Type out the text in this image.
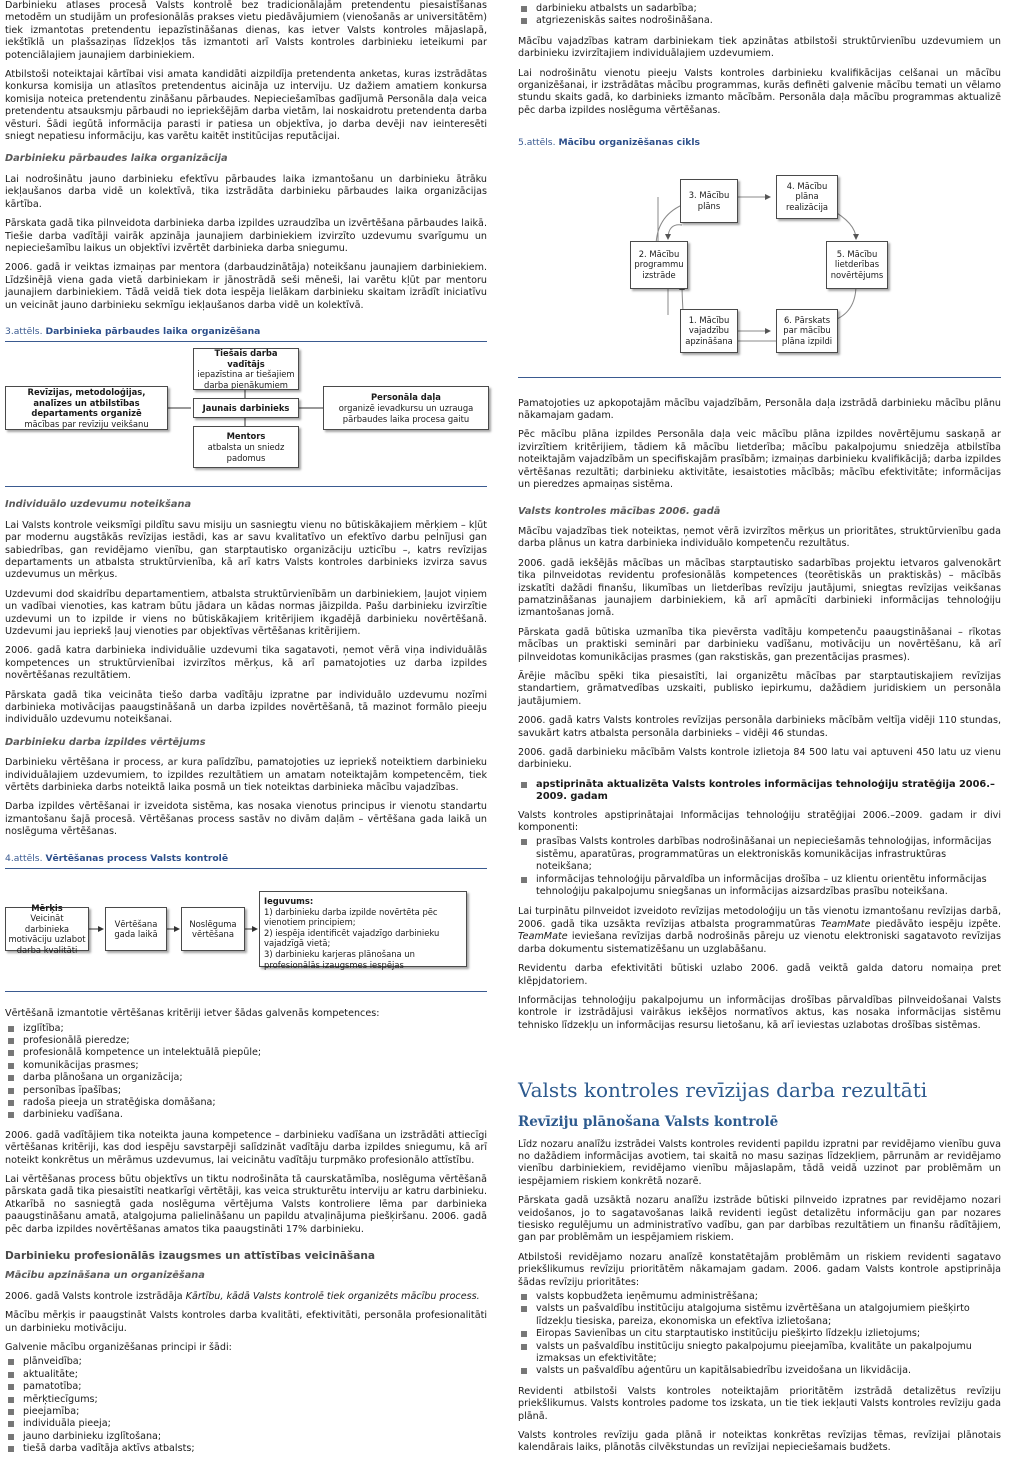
Darbinieku atlases procesā Valsts kontrolē bez tradicionālajām pretendentu piesaistīšanas metodēm un studijām un profesionālās prakses vietu piedāvājumiem (vienošanās ar universitātēm) tiek izmantotas pretendentu iepazīstināšanas dienas, kas ietver Valsts kontroles mājaslapā, iekštīklā un plašsaziņas līdzekļos tās izmantoti arī Valsts kontroles darbinieku ieteikumi par potenciālajiem jaunajiem darbiniekiem.

Atbilstoši noteiktajai kārtībai visi amata kandidāti aizpildīja pretendenta anketas, kuras izstrādātas konkursa komisija un atlasītos pretendentus aicināja uz interviju. Uz dažiem amatiem konkursa komisija noteica pretendentu zināšanu pārbaudes. Nepieciešamības gadījumā Personāla daļa veica pretendentu atsauksmju pārbaudi no iepriekšējām darba vietām, lai noskaidrotu pretendenta darba vēsturi. Šādi iegūtā informācija parasti ir patiesa un objektīva, jo darba devēji nav ieinteresēti sniegt nepatiesu informāciju, kas varētu kaitēt institūcijas reputācijai.

Darbinieku pārbaudes laika organizācija

Lai nodrošinātu jauno darbinieku efektīvu pārbaudes laika izmantošanu un darbinieku ātrāku iekļaušanos darba vidē un kolektīvā, tika izstrādāta darbinieku pārbaudes laika organizācijas kārtība.

Pārskata gadā tika pilnveidota darbinieka darba izpildes uzraudzība un izvērtēšana pārbaudes laikā. Tiešie darba vadītāji vairāk apzināja jaunajiem darbiniekiem izvirzīto uzdevumu svarīgumu un nepieciešamību laikus un objektīvi izvērtēt darbinieka darba sniegumu.

2006. gadā ir veiktas izmaiņas par mentora (darbaudzinātāja) noteikšanu jaunajiem darbiniekiem. Līdzšinējā viena gada vietā darbiniekam ir jānostrādā seši mēneši, lai varētu kļūt par mentoru jaunajiem darbiniekiem. Tādā veidā tiek dota iespēja lielākam darbinieku skaitam izrādīt iniciatīvu un veicināt jauno darbinieku sekmīgu iekļaušanos darba vidē un kolektīvā.

3.attēls. Darbinieka pārbaudes laika organizēšana
Tiešais darba vadītājs
iepazīstina ar tiešajiem darba pienākumiem
Revīzijas, metodoloģijas, analīzes un atbilstības departaments organizē
mācības par revīziju veikšanu
Jaunais darbinieks
Personāla daļa
organizē ievadkursu un uzrauga pārbaudes laika procesa gaitu
Mentors
atbalsta un sniedz padomus
Individuālo uzdevumu noteikšana

Lai Valsts kontrole veiksmīgi pildītu savu misiju un sasniegtu vienu no būtiskākajiem mērķiem – kļūt par modernu augstākās revīzijas iestādi, kas ar savu kvalitatīvo un efektīvo darbu pelnījusi gan sabiedrības, gan revidējamo vienību, gan starptautisko organizāciju uzticību –, katrs revīzijas departaments un atbalsta struktūrvienība, kā arī katrs Valsts kontroles darbinieks izvirza savus uzdevumus un mērķus.

Uzdevumi dod skaidrību departamentiem, atbalsta struktūrvienībām un darbiniekiem, ļaujot viņiem un vadībai vienoties, kas katram būtu jādara un kādas normas jāizpilda. Pašu darbinieku izvirzītie uzdevumi un to izpilde ir viens no būtiskākajiem kritērijiem ikgadējā darbinieku novērtēšanā. Uzdevumi jau iepriekš ļauj vienoties par objektīvas vērtēšanas kritērijiem.

2006. gadā katra darbinieka individuālie uzdevumi tika sagatavoti, ņemot vērā viņa individuālās kompetences un struktūrvienībai izvirzītos mērķus, kā arī pamatojoties uz darba izpildes novērtēšanas rezultātiem.

Pārskata gadā tika veicināta tiešo darba vadītāju izpratne par individuālo uzdevumu nozīmi darbinieka motivācijas paaugstināšanā un darba izpildes novērtēšanā, tā mazinot formālo pieeju individuālo uzdevumu noteikšanai.

Darbinieku darba izpildes vērtējums

Darbinieku vērtēšana ir process, ar kura palīdzību, pamatojoties uz iepriekš noteiktiem darbinieku individuālajiem uzdevumiem, to izpildes rezultātiem un amatam noteiktajām kompetencēm, tiek vērtēts darbinieka darbs noteiktā laika posmā un tiek noteiktas darbinieka mācību vajadzības.

Darba izpildes vērtēšanai ir izveidota sistēma, kas nosaka vienotus principus ir vienotu standartu izmantošanu šajā procesā. Vērtēšanas process sastāv no divām daļām – vērtēšana gada laikā un noslēguma vērtēšanas.

4.attēls. Vērtēšanas process Valsts kontrolē
Mērķis
Veicināt darbinieka motivāciju uzlabot darba kvalitāti
Vērtēšana gada laikā
Noslēguma vērtēšana
Ieguvums:
1) darbinieku darba izpilde novērtēta pēc vienotiem principiem;
2) iespēja identificēt vajadzīgo darbinieku vajadzīgā vietā;
3) darbinieku karjeras plānošana un profesionālās izaugsmes iespējas

Vērtēšanā izmantotie vērtēšanas kritēriji ietver šādas galvenās kompetences:

izglītība;
profesionālā pieredze;
profesionālā kompetence un intelektuālā piepūle;
komunikācijas prasmes;
darba plānošana un organizācija;
personības īpašības;
radoša pieeja un stratēģiska domāšana;
darbinieku vadīšana.

2006. gadā vadītājiem tika noteikta jauna kompetence – darbinieku vadīšana un izstrādāti attiecīgi vērtēšanas kritēriji, kas dod iespēju savstarpēji salīdzināt vadītāju darba izpildes sniegumu, kā arī noteikt konkrētus un mērāmus uzdevumus, lai veicinātu vadītāju turpmāko profesionālo attīstību.

Lai vērtēšanas process būtu objektīvs un tiktu nodrošināta tā caurskatāmība, noslēguma vērtēšanā pārskata gadā tika piesaistīti neatkarīgi vērtētāji, kas veica strukturētu interviju ar katru darbinieku. Atkarībā no sasniegtā gada noslēguma vērtējuma Valsts kontroliere lēma par darbinieka paaugstināšanu amatā, atalgojuma palielināšanu un papildu atvaļinājuma piešķiršanu. 2006. gadā pēc darba izpildes novērtēšanas amatos tika paaugstināti 17% darbinieku.

Darbinieku profesionālās izaugsmes un attīstības veicināšana
Mācību apzināšana un organizēšana

2006. gadā Valsts kontrole izstrādāja Kārtību, kādā Valsts kontrolē tiek organizēts mācību process.

Mācību mērķis ir paaugstināt Valsts kontroles darba kvalitāti, efektivitāti, personāla profesionalitāti un darbinieku motivāciju.

Galvenie mācību organizēšanas principi ir šādi:

plānveidība;
aktualitāte;
pamatotība;
mērķtiecīgums;
pieejamība;
individuāla pieeja;
jauno darbinieku izglītošana;
tiešā darba vadītāja aktīvs atbalsts;
darbinieku atbalsts un sadarbība;
atgriezeniskās saites nodrošināšana.

Mācību vajadzības katram darbiniekam tiek apzinātas atbilstoši struktūrvienību uzdevumiem un darbinieku izvirzītajiem individuālajiem uzdevumiem.

Lai nodrošinātu vienotu pieeju Valsts kontroles darbinieku kvalifikācijas celšanai un mācību organizēšanai, ir izstrādātas mācību programmas, kurās definēti galvenie mācību temati un vēlamo stundu skaits gadā, ko darbinieks izmanto mācībām. Personāla daļa mācību programmas aktualizē pēc darba izpildes noslēguma vērtēšanas.

5.attēls. Mācību organizēšanas cikls
3. Mācību plāns
4. Mācību plāna realizācija
2. Mācību programmu izstrāde
5. Mācību lietderības novērtējums
1. Mācību vajadzību apzināšana
6. Pārskats par mācību plāna izpildi

Pamatojoties uz apkopotajām mācību vajadzībām, Personāla daļa izstrādā darbinieku mācību plānu nākamajam gadam.

Pēc mācību plāna izpildes Personāla daļa veic mācību plāna izpildes novērtējumu saskaņā ar izvirzītiem kritērijiem, tādiem kā mācību lietderība; mācību pakalpojumu sniedzēja atbilstība noteiktajām vajadzībām un specifiskajām prasībām; izmaiņas darbinieku kvalifikācijā; darba izpildes vērtēšanas rezultāti; darbinieku aktivitāte, iesaistoties mācībās; mācību efektivitāte; informācijas un pieredzes apmaiņas sistēma.

Valsts kontroles mācības 2006. gadā

Mācību vajadzības tiek noteiktas, ņemot vērā izvirzītos mērķus un prioritātes, struktūrvienību gada darba plānus un katra darbinieka individuālo kompetenču rezultātus.

2006. gadā iekšējās mācības un mācības starptautisko sadarbības projektu ietvaros galvenokārt tika pilnveidotas revidentu profesionālās kompetences (teorētiskās un praktiskās) – mācībās izskatīti dažādi finanšu, likumības un lietderības revīziju jautājumi, sniegtas revīzijas veikšanas pamatzināšanas jaunajiem darbiniekiem, kā arī apmācīti darbinieki informācijas tehnoloģiju izmantošanas jomā.

Pārskata gadā būtiska uzmanība tika pievērsta vadītāju kompetenču paaugstināšanai – rīkotas mācības un praktiski semināri par darbinieku vadīšanu, motivāciju un novērtēšanu, kā arī pilnveidotas komunikācijas prasmes (gan rakstiskās, gan prezentācijas prasmes).

Ārējie mācību spēki tika piesaistīti, lai organizētu mācības par starptautiskajiem revīzijas standartiem, grāmatvedības uzskaiti, publisko iepirkumu, dažādiem juridiskiem un personāla jautājumiem.

2006. gadā katrs Valsts kontroles revīzijas personāla darbinieks mācībām veltīja vidēji 110 stundas, savukārt katrs atbalsta personāla darbinieks – vidēji 46 stundas.

2006. gadā darbinieku mācībām Valsts kontrole izlietoja 84 500 latu vai aptuveni 450 latu uz vienu darbinieku.

apstiprināta aktualizēta Valsts kontroles informācijas tehnoloģiju stratēģija 2006.–2009. gadam

Valsts kontroles apstiprinātajai Informācijas tehnoloģiju stratēģijai 2006.–2009. gadam ir divi komponenti:

prasības Valsts kontroles darbības nodrošināšanai un nepieciešamās tehnoloģijas, informācijas sistēmu, aparatūras, programmatūras un elektroniskās komunikācijas infrastruktūras noteikšana;
informācijas tehnoloģiju pārvaldība un informācijas drošība – uz klientu orientētu informācijas tehnoloģiju pakalpojumu sniegšanas un informācijas aizsardzības prasību noteikšana.

Lai turpinātu pilnveidot izveidoto revīzijas metodoloģiju un tās vienotu izmantošanu revīzijas darbā, 2006. gadā tika uzsākta revīzijas atbalsta programmatūras TeamMate piedāvāto iespēju izpēte. TeamMate ieviešana revīzijas darbā nodrošinās pāreju uz vienotu elektroniski sagatavoto revīzijas darba dokumentu sistematizēšanu un uzglabāšanu.

Revidentu darba efektivitāti būtiski uzlabo 2006. gadā veiktā galda datoru nomaiņa pret klēpjdatoriem.

Informācijas tehnoloģiju pakalpojumu un informācijas drošības pārvaldības pilnveidošanai Valsts kontrole ir izstrādājusi vairākus iekšējos normatīvos aktus, kas nosaka informācijas sistēmu tehnisko līdzekļu un informācijas resursu lietošanu, kā arī ieviestas uzlabotas drošības sistēmas.

Valsts kontroles revīzijas darba rezultāti
Revīziju plānošana Valsts kontrolē

Līdz nozaru analīžu izstrādei Valsts kontroles revidenti papildu izpratni par revidējamo vienību guva no dažādiem informācijas avotiem, tai skaitā no masu saziņas līdzekļiem, pārrunām ar revidējamo vienību darbiniekiem, revidējamo vienību mājaslapām, tādā veidā uzzinot par problēmām un iespējamiem riskiem konkrētā nozarē.

Pārskata gadā uzsāktā nozaru analīžu izstrāde būtiski pilnveido izpratnes par revidējamo nozari veidošanos, jo to sagatavošanas laikā revidenti iegūst detalizētu informāciju gan par nozares tiesisko regulējumu un administratīvo vadību, gan par darbības rezultātiem un finanšu rādītājiem, gan par problēmām un iespējamiem riskiem.

Atbilstoši revidējamo nozaru analīzē konstatētajām problēmām un riskiem revidenti sagatavo priekšlikumus revīziju prioritātēm nākamajam gadam. 2006. gadam Valsts kontrole apstiprināja šādas revīziju prioritātes:

valsts kopbudžeta ieņēmumu administrēšana;
valsts un pašvaldību institūciju atalgojuma sistēmu izvērtēšana un atalgojumiem piešķirto līdzekļu tiesiska, pareiza, ekonomiska un efektīva izlietošana;
Eiropas Savienības un citu starptautisko institūciju piešķirto līdzekļu izlietojums;
valsts un pašvaldību institūciju sniegto pakalpojumu pieejamība, kvalitāte un pakalpojumu izmaksas un efektivitāte;
valsts un pašvaldību aģentūru un kapitālsabiedrību izveidošana un likvidācija.

Revidenti atbilstoši Valsts kontroles noteiktajām prioritātēm izstrādā detalizētus revīziju priekšlikumus. Valsts kontroles padome tos izskata, un tie tiek iekļauti Valsts kontroles revīziju gada plānā.

Valsts kontroles revīziju gada plānā ir noteiktas konkrētas revīzijas tēmas, revīzijai plānotais kalendārais laiks, plānotās cilvēkstundas un revīzijai nepieciešamais budžets.
